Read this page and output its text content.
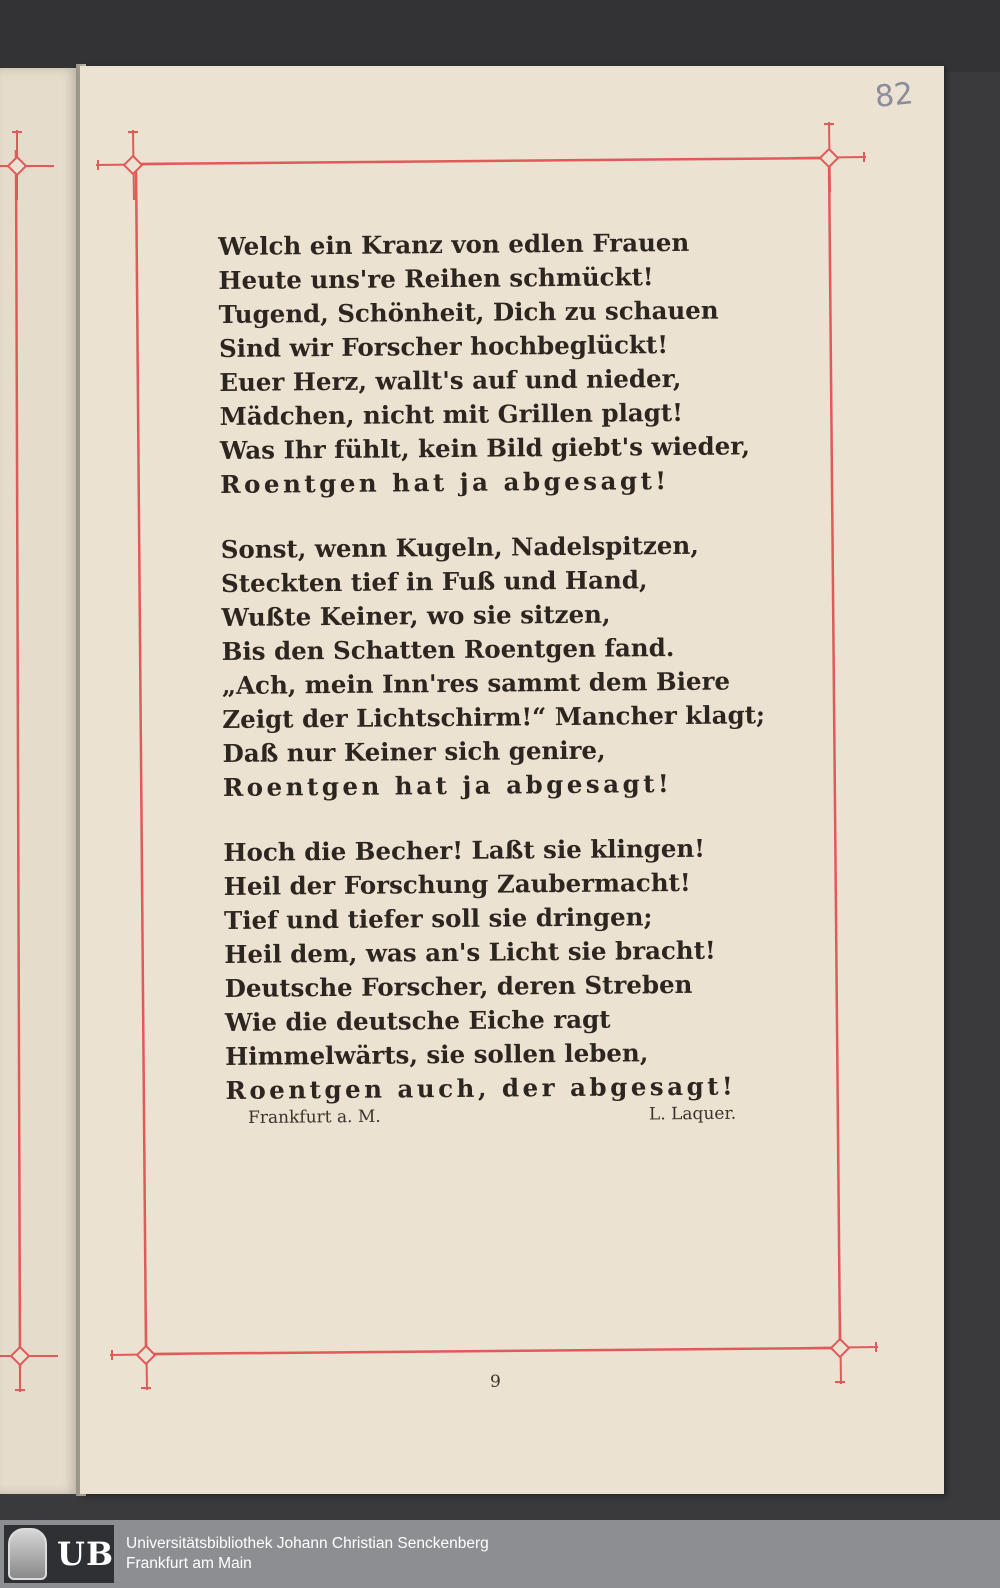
82
Welch ein Kranz von edlen Frauen
Heute uns're Reihen schmückt!
Tugend, Schönheit, Dich zu schauen
Sind wir Forscher hochbeglückt!
Euer Herz, wallt's auf und nieder,
Mädchen, nicht mit Grillen plagt!
Was Ihr fühlt, kein Bild giebt's wieder,
Roentgen hat ja abgesagt!
Sonst, wenn Kugeln, Nadelspitzen,
Steckten tief in Fuß und Hand,
Wußte Keiner, wo sie sitzen,
Bis den Schatten Roentgen fand.
„Ach, mein Inn'res sammt dem Biere
Zeigt der Lichtschirm!“ Mancher klagt;
Daß nur Keiner sich genire,
Roentgen hat ja abgesagt!
Hoch die Becher! Laßt sie klingen!
Heil der Forschung Zaubermacht!
Tief und tiefer soll sie dringen;
Heil dem, was an's Licht sie bracht!
Deutsche Forscher, deren Streben
Wie die deutsche Eiche ragt
Himmelwärts, sie sollen leben,
Roentgen auch, der abgesagt!
Frankfurt a. M.	L. Laquer.
9
UB Universitätsbibliothek Johann Christian Senckenberg
Frankfurt am Main
